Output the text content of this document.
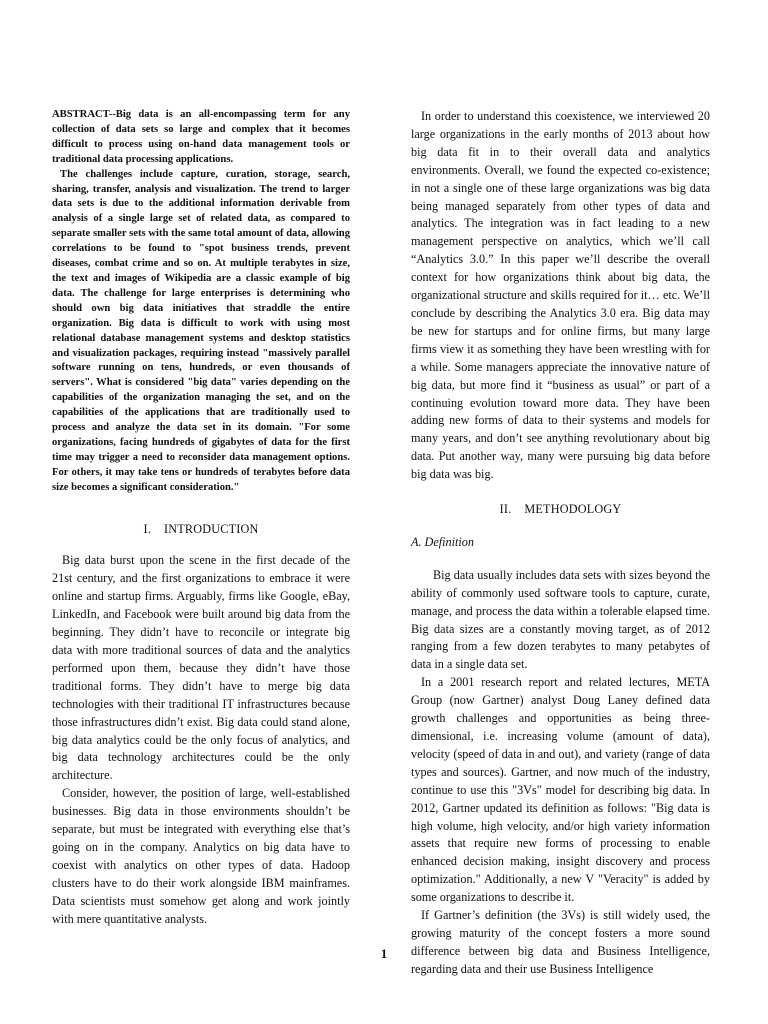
ABSTRACT--Big data is an all-encompassing term for any collection of data sets so large and complex that it becomes difficult to process using on-hand data management tools or traditional data processing applications.

The challenges include capture, curation, storage, search, sharing, transfer, analysis and visualization. The trend to larger data sets is due to the additional information derivable from analysis of a single large set of related data, as compared to separate smaller sets with the same total amount of data, allowing correlations to be found to "spot business trends, prevent diseases, combat crime and so on. At multiple terabytes in size, the text and images of Wikipedia are a classic example of big data. The challenge for large enterprises is determining who should own big data initiatives that straddle the entire organization. Big data is difficult to work with using most relational database management systems and desktop statistics and visualization packages, requiring instead "massively parallel software running on tens, hundreds, or even thousands of servers". What is considered "big data" varies depending on the capabilities of the organization managing the set, and on the capabilities of the applications that are traditionally used to process and analyze the data set in its domain. "For some organizations, facing hundreds of gigabytes of data for the first time may trigger a need to reconsider data management options. For others, it may take tens or hundreds of terabytes before data size becomes a significant consideration."

I.    INTRODUCTION

Big data burst upon the scene in the first decade of the 21st century, and the first organizations to embrace it were online and startup firms. Arguably, firms like Google, eBay, LinkedIn, and Facebook were built around big data from the beginning. They didn’t have to reconcile or integrate big data with more traditional sources of data and the analytics performed upon them, because they didn’t have those traditional forms. They didn’t have to merge big data technologies with their traditional IT infrastructures because those infrastructures didn’t exist. Big data could stand alone, big data analytics could be the only focus of analytics, and big data technology architectures could be the only architecture.

Consider, however, the position of large, well-established businesses. Big data in those environments shouldn’t be separate, but must be integrated with everything else that’s going on in the company. Analytics on big data have to coexist with analytics on other types of data. Hadoop clusters have to do their work alongside IBM mainframes. Data scientists must somehow get along and work jointly with mere quantitative analysts.

In order to understand this coexistence, we interviewed 20 large organizations in the early months of 2013 about how big data fit in to their overall data and analytics environments. Overall, we found the expected co-existence; in not a single one of these large organizations was big data being managed separately from other types of data and analytics. The integration was in fact leading to a new management perspective on analytics, which we’ll call “Analytics 3.0.” In this paper we’ll describe the overall context for how organizations think about big data, the organizational structure and skills required for it… etc. We’ll conclude by describing the Analytics 3.0 era. Big data may be new for startups and for online firms, but many large firms view it as something they have been wrestling with for a while. Some managers appreciate the innovative nature of big data, but more find it “business as usual” or part of a continuing evolution toward more data. They have been adding new forms of data to their systems and models for many years, and don’t see anything revolutionary about big data. Put another way, many were pursuing big data before big data was big.

II.    METHODOLOGY

A. Definition

Big data usually includes data sets with sizes beyond the ability of commonly used software tools to capture, curate, manage, and process the data within a tolerable elapsed time. Big data sizes are a constantly moving target, as of 2012 ranging from a few dozen terabytes to many petabytes of data in a single data set.

In a 2001 research report and related lectures, META Group (now Gartner) analyst Doug Laney defined data growth challenges and opportunities as being three-dimensional, i.e. increasing volume (amount of data), velocity (speed of data in and out), and variety (range of data types and sources). Gartner, and now much of the industry, continue to use this "3Vs" model for describing big data. In 2012, Gartner updated its definition as follows: "Big data is high volume, high velocity, and/or high variety information assets that require new forms of processing to enable enhanced decision making, insight discovery and process optimization." Additionally, a new V "Veracity" is added by some organizations to describe it.

If Gartner’s definition (the 3Vs) is still widely used, the growing maturity of the concept fosters a more sound difference between big data and Business Intelligence, regarding data and their use Business Intelligence

1
